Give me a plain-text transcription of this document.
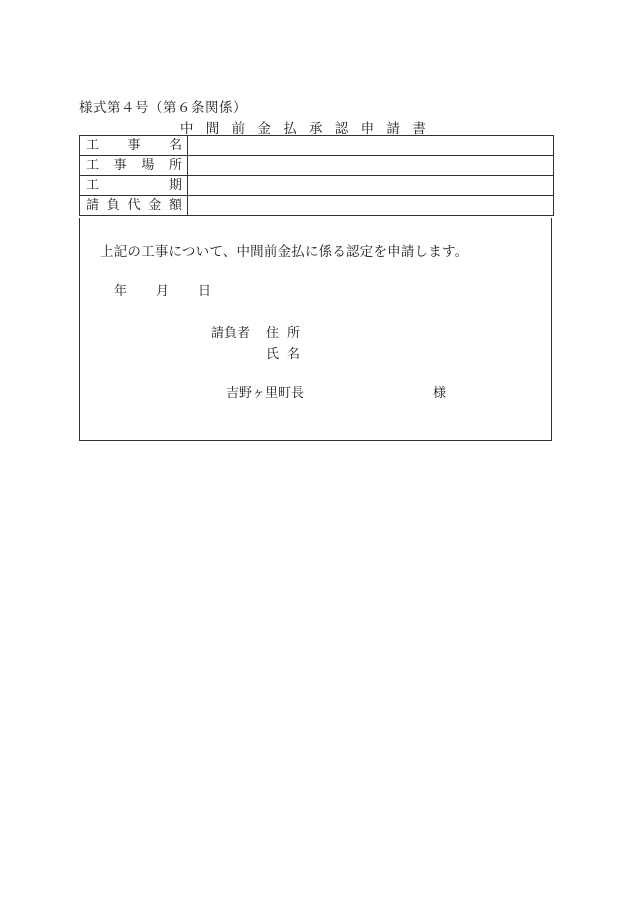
様式第４号（第６条関係）
中間前金払承認申請書
工 事 名	

工 事 場 所	

工 期	

請 負 代 金 額	

上記の工事について、中間前金払に係る認定を申請します。
年 月 日
請負者 住所
氏名
吉野ヶ里町長	様
